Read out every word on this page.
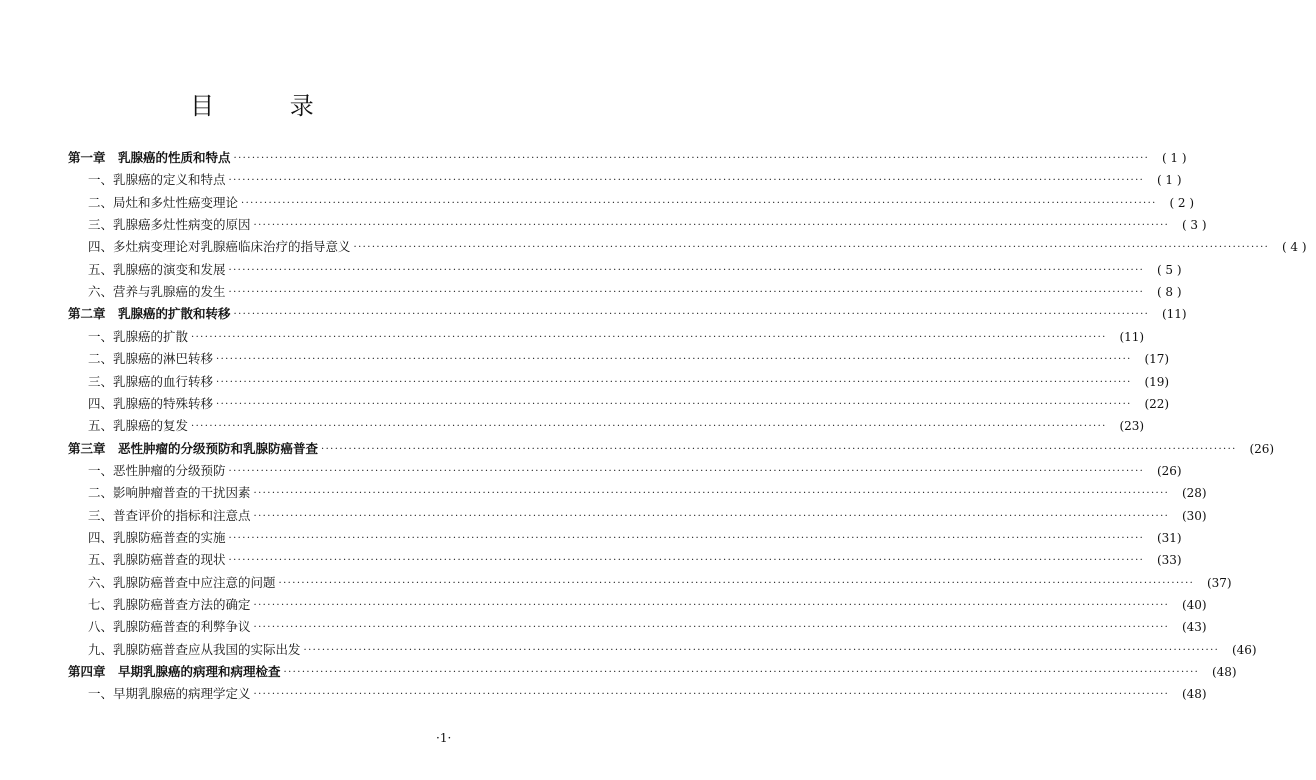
目 录
第一章　乳腺癌的性质和特点 ········································································································································································································	( 1 )
一、乳腺癌的定义和特点 ········································································································································································································	( 1 )
二、局灶和多灶性癌变理论 ········································································································································································································	( 2 )
三、乳腺癌多灶性病变的原因 ········································································································································································································	( 3 )
四、多灶病变理论对乳腺癌临床治疗的指导意义 ········································································································································································································	( 4 )
五、乳腺癌的演变和发展 ········································································································································································································	( 5 )
六、营养与乳腺癌的发生 ········································································································································································································	( 8 )
第二章　乳腺癌的扩散和转移 ········································································································································································································	(11)
一、乳腺癌的扩散 ········································································································································································································	(11)
二、乳腺癌的淋巴转移 ········································································································································································································	(17)
三、乳腺癌的血行转移 ········································································································································································································	(19)
四、乳腺癌的特殊转移 ········································································································································································································	(22)
五、乳腺癌的复发 ········································································································································································································	(23)
第三章　恶性肿瘤的分级预防和乳腺防癌普查 ········································································································································································································	(26)
一、恶性肿瘤的分级预防 ········································································································································································································	(26)
二、影响肿瘤普查的干扰因素 ········································································································································································································	(28)
三、普查评价的指标和注意点 ········································································································································································································	(30)
四、乳腺防癌普查的实施 ········································································································································································································	(31)
五、乳腺防癌普查的现状 ········································································································································································································	(33)
六、乳腺防癌普查中应注意的问题 ········································································································································································································	(37)
七、乳腺防癌普查方法的确定 ········································································································································································································	(40)
八、乳腺防癌普查的利弊争议 ········································································································································································································	(43)
九、乳腺防癌普查应从我国的实际出发 ········································································································································································································	(46)
第四章　早期乳腺癌的病理和病理检查 ········································································································································································································	(48)
一、早期乳腺癌的病理学定义 ········································································································································································································	(48)
·1·
